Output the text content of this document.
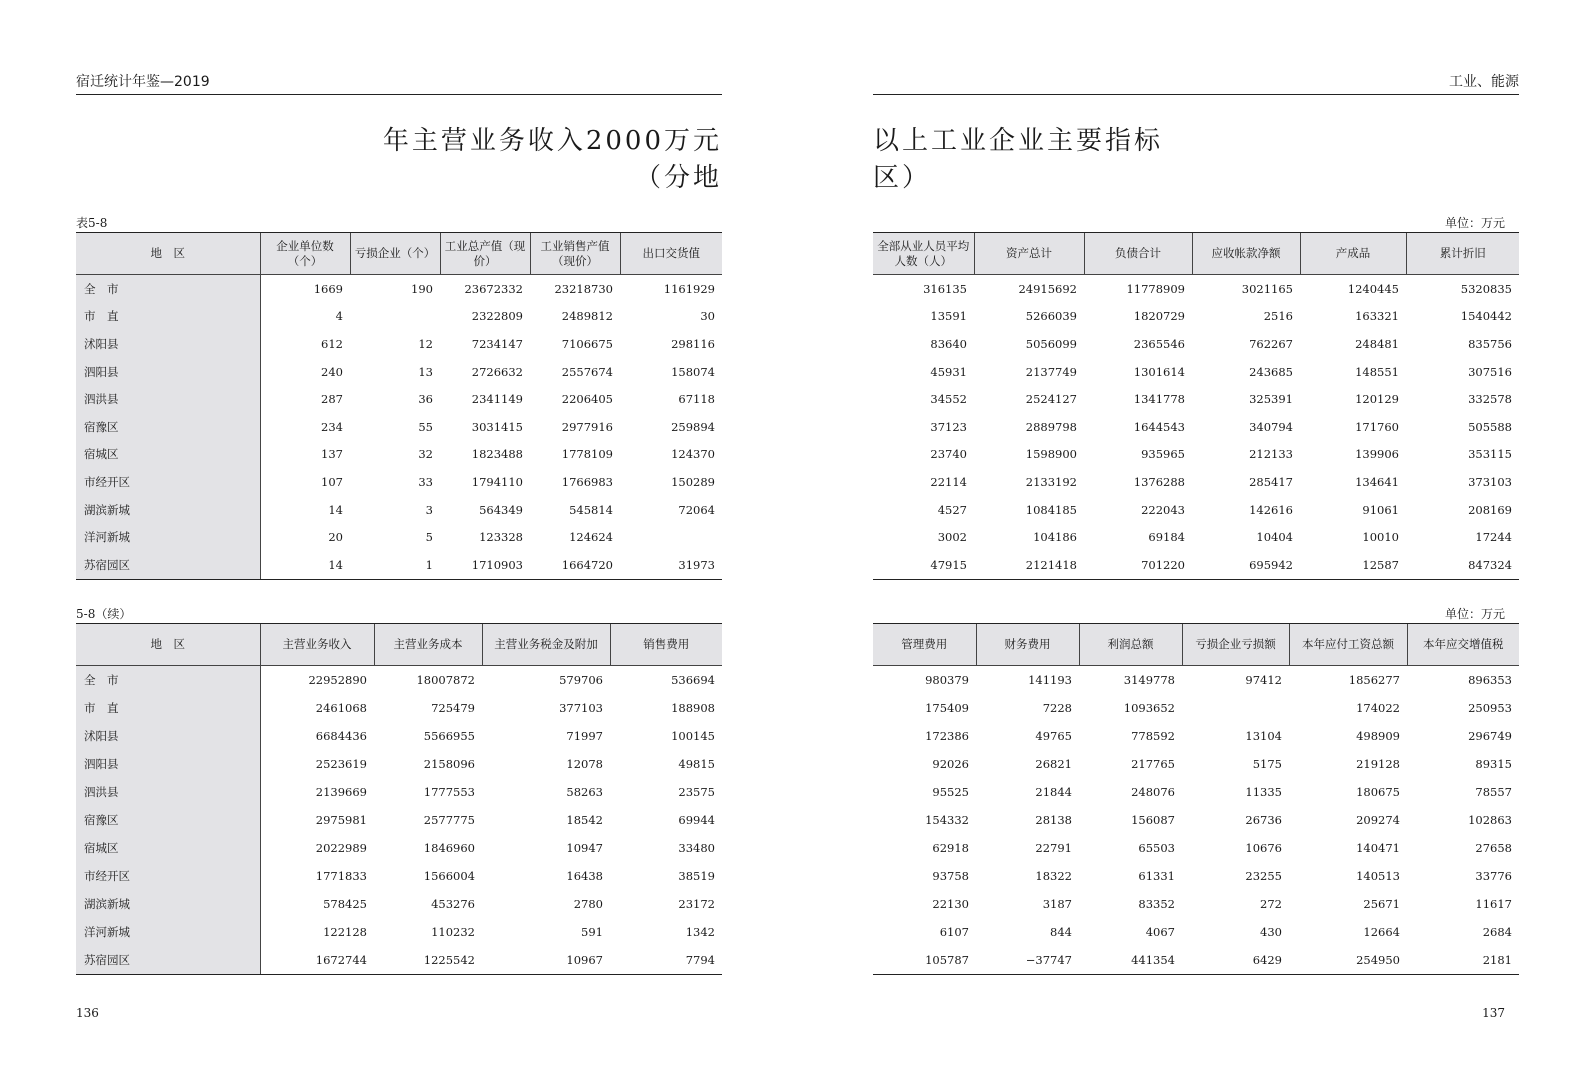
宿迁统计年鉴—2019
年主营业务收入2000万元
（分地
表5-8
地　区	企业单位数（个）	亏损企业（个）	工业总产值（现价）	工业销售产值（现价）	出口交货值
全　市	1669	190	23672332	23218730	1161929
市　直	4		2322809	2489812	30
沭阳县	612	12	7234147	7106675	298116
泗阳县	240	13	2726632	2557674	158074
泗洪县	287	36	2341149	2206405	67118
宿豫区	234	55	3031415	2977916	259894
宿城区	137	32	1823488	1778109	124370
市经开区	107	33	1794110	1766983	150289
湖滨新城	14	3	564349	545814	72064
洋河新城	20	5	123328	124624	
苏宿园区	14	1	1710903	1664720	31973
5-8（续）
地　区	主营业务收入	主营业务成本	主营业务税金及附加	销售费用
全　市	22952890	18007872	579706	536694
市　直	2461068	725479	377103	188908
沭阳县	6684436	5566955	71997	100145
泗阳县	2523619	2158096	12078	49815
泗洪县	2139669	1777553	58263	23575
宿豫区	2975981	2577775	18542	69944
宿城区	2022989	1846960	10947	33480
市经开区	1771833	1566004	16438	38519
湖滨新城	578425	453276	2780	23172
洋河新城	122128	110232	591	1342
苏宿园区	1672744	1225542	10967	7794
136
工业、能源
以上工业企业主要指标
区）
单位：万元
全部从业人员平均人数（人）	资产总计	负债合计	应收帐款净额	产成品	累计折旧
316135	24915692	11778909	3021165	1240445	5320835
13591	5266039	1820729	2516	163321	1540442
83640	5056099	2365546	762267	248481	835756
45931	2137749	1301614	243685	148551	307516
34552	2524127	1341778	325391	120129	332578
37123	2889798	1644543	340794	171760	505588
23740	1598900	935965	212133	139906	353115
22114	2133192	1376288	285417	134641	373103
4527	1084185	222043	142616	91061	208169
3002	104186	69184	10404	10010	17244
47915	2121418	701220	695942	12587	847324
单位：万元
管理费用	财务费用	利润总额	亏损企业亏损额	本年应付工资总额	本年应交增值税
980379	141193	3149778	97412	1856277	896353
175409	7228	1093652		174022	250953
172386	49765	778592	13104	498909	296749
92026	26821	217765	5175	219128	89315
95525	21844	248076	11335	180675	78557
154332	28138	156087	26736	209274	102863
62918	22791	65503	10676	140471	27658
93758	18322	61331	23255	140513	33776
22130	3187	83352	272	25671	11617
6107	844	4067	430	12664	2684
105787	−37747	441354	6429	254950	2181
137
